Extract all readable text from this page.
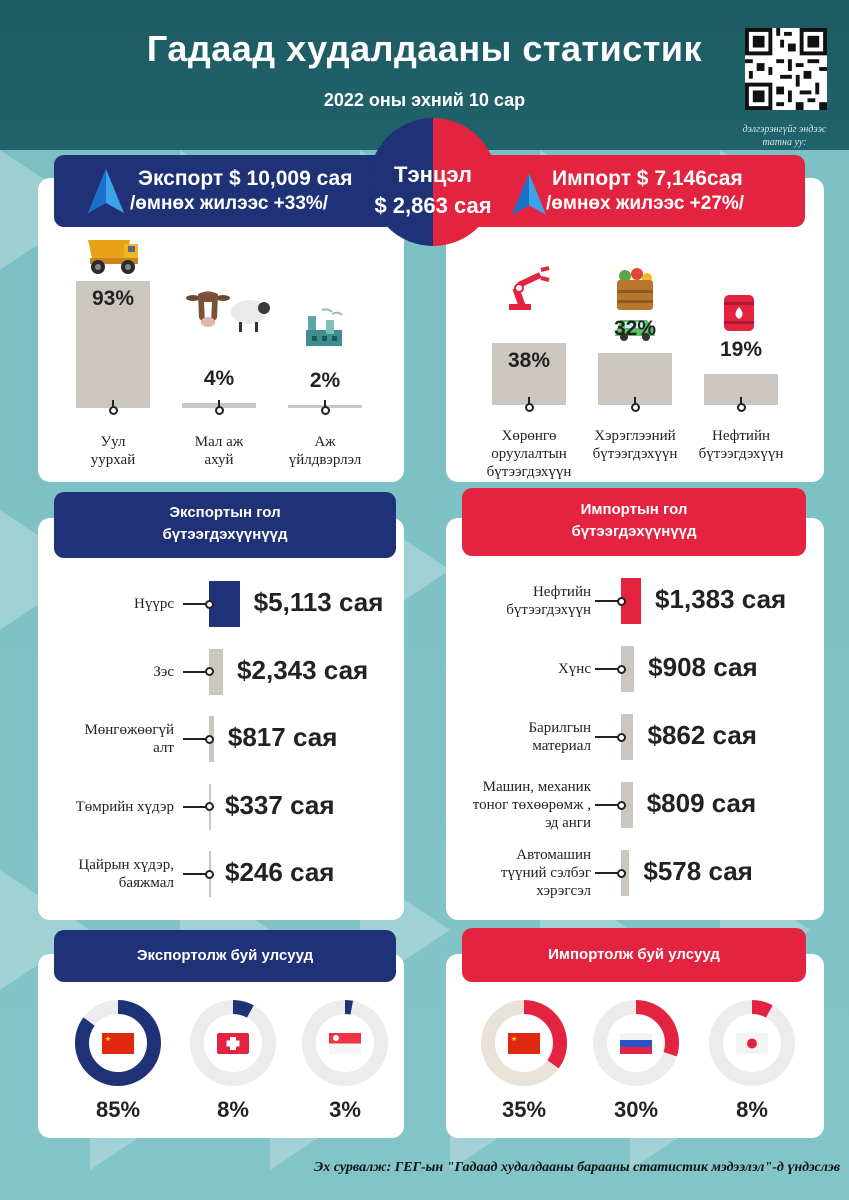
Гадаад худалдааны статистик
2022 оны эхний 10 сар
дэлгэрэнгүйг эндээс
татна уу:
Экспорт $ 10,009 сая
/өмнөх жилээс +33%/
Импорт $ 7,146сая
/өмнөх жилээс +27%/
Тэнцэл
$ 2,863 сая
Экспортын гол
бүтээгдэхүүнүүд
Импортын гол
бүтээгдэхүүнүүд
Экспортолж буй улсууд	Импортолж буй улсууд
Эх сурвалж: ГЕГ-ын "Гадаад худалдааны барааны статистик мэдээлэл"-д үндэслэв
93%
Уул
уурхай
4%
Мал аж
ахуй
2%
Аж
үйлдвэрлэл
38%
Хөрөнгө
оруулалтын
бүтээгдэхүүн
32%
Хэрэглээний
бүтээгдэхүүн
19%
Нефтийн
бүтээгдэхүүн
Нүүрс	$5,113 сая
Зэс $2,343 сая
Мөнгөжөөгүй
алт $817 сая
Төмрийн хүдэр $337 сая
Цайрын хүдэр,
баяжмал $246 сая
Нефтийн
бүтээгдэхүүн $1,383 сая
Хүнс $908 сая
Барилгын
материал $862 сая
Машин, механик
тоног төхөөрөмж ,
эд анги
$809 сая
Автомашин
түүний сэлбэг
хэрэгсэл
$578 сая
85%	8%	3%	35%	30%	8%
